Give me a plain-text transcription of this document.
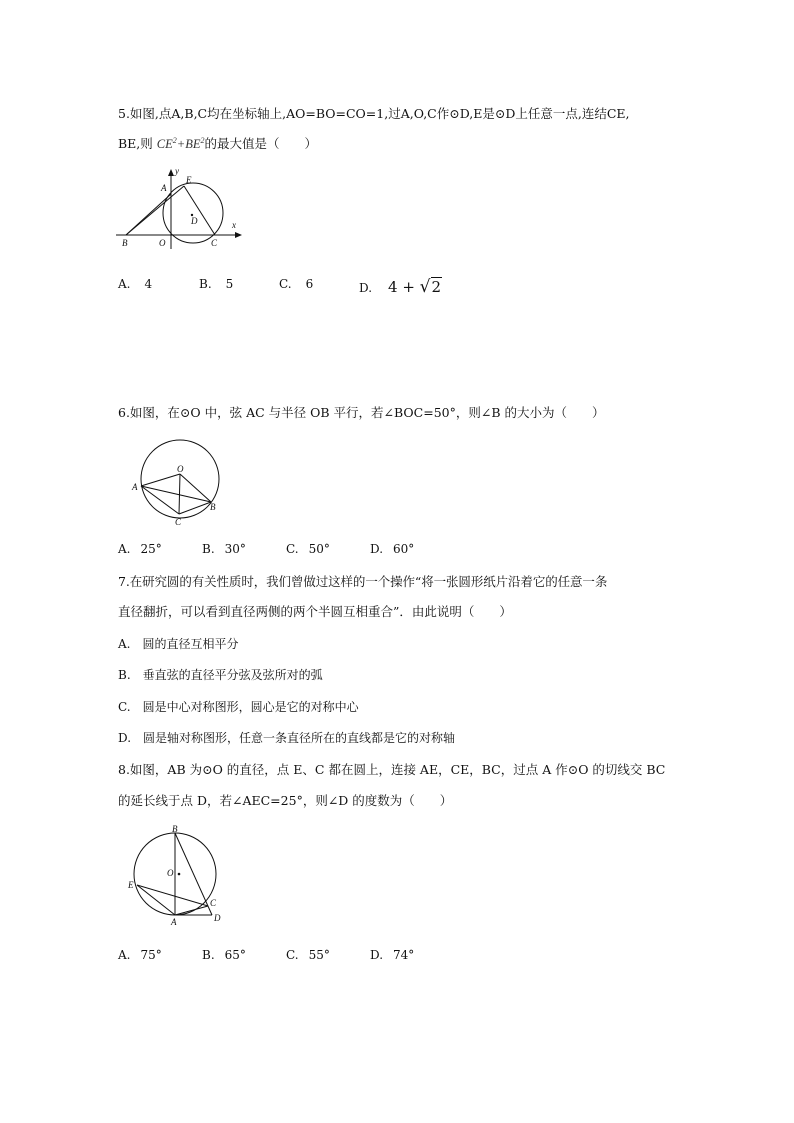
5.如图,点A,B,C均在坐标轴上,AO=BO=CO=1,过A,O,C作⊙D,E是⊙D上任意一点,连结CE,
BE,则 $CE^2+BE^2$的最大值是（　　）
y
x
A
E
D
B	O	C
A. 4	B. 5	C. 6	D. 4 + √2
6.如图，在⊙O 中，弦 AC 与半径 OB 平行，若∠BOC=50°，则∠B 的大小为（　　）
O
A
B
C
A. 25°	B. 30°	C. 50°	D. 60°
7.在研究圆的有关性质时，我们曾做过这样的一个操作“将一张圆形纸片沿着它的任意一条
直径翻折，可以看到直径两侧的两个半圆互相重合”．由此说明（　　）
A. 圆的直径互相平分
B. 垂直弦的直径平分弦及弦所对的弧
C. 圆是中心对称图形，圆心是它的对称中心
D. 圆是轴对称图形，任意一条直径所在的直线都是它的对称轴
8.如图，AB 为⊙O 的直径，点 E、C 都在圆上，连接 AE，CE，BC，过点 A 作⊙O 的切线交 BC
的延长线于点 D，若∠AEC=25°，则∠D 的度数为（　　）
B
O
E
C
A	D
A. 75°	B. 65°	C. 55°	D. 74°
